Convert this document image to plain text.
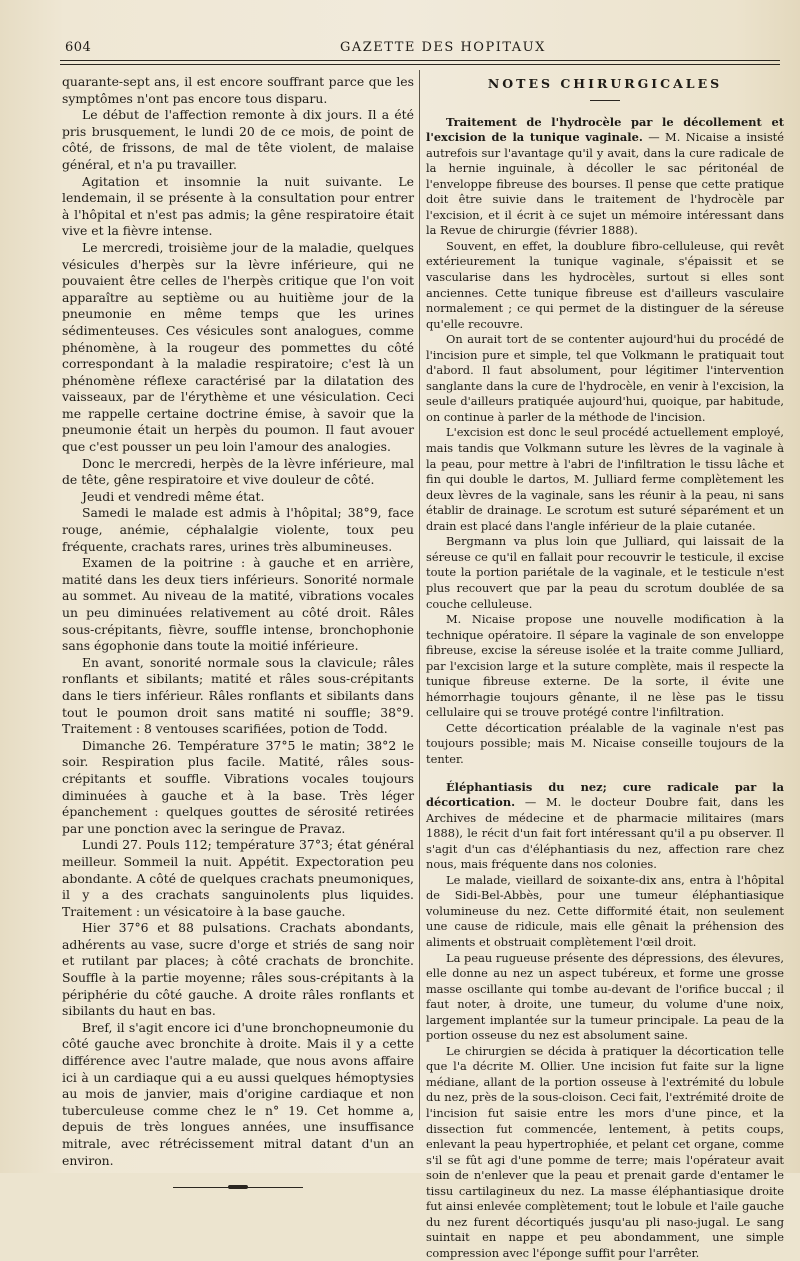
604	GAZETTE DES HOPITAUX

quarante-sept ans, il est encore souffrant parce que les symptômes n'ont pas encore tous disparu.

Le début de l'affection remonte à dix jours. Il a été pris brusquement, le lundi 20 de ce mois, de point de côté, de frissons, de mal de tête violent, de malaise général, et n'a pu travailler.

Agitation et insomnie la nuit suivante. Le lendemain, il se présente à la consultation pour entrer à l'hôpital et n'est pas admis; la gêne respiratoire était vive et la fièvre intense.

Le mercredi, troisième jour de la maladie, quelques vésicules d'herpès sur la lèvre inférieure, qui ne pouvaient être celles de l'herpès critique que l'on voit apparaître au septième ou au huitième jour de la pneumonie en même temps que les urines sédimenteuses. Ces vésicules sont analogues, comme phénomène, à la rougeur des pommettes du côté correspondant à la maladie respiratoire; c'est là un phénomène réflexe caractérisé par la dilatation des vaisseaux, par de l'érythème et une vésiculation. Ceci me rappelle certaine doctrine émise, à savoir que la pneumonie était un herpès du poumon. Il faut avouer que c'est pousser un peu loin l'amour des analogies.

Donc le mercredi, herpès de la lèvre inférieure, mal de tête, gêne respiratoire et vive douleur de côté.

Jeudi et vendredi même état.

Samedi le malade est admis à l'hôpital; 38°9, face rouge, anémie, céphalalgie violente, toux peu fréquente, crachats rares, urines très albumineuses.

Examen de la poitrine : à gauche et en arrière, matité dans les deux tiers inférieurs. Sonorité normale au sommet. Au niveau de la matité, vibrations vocales un peu diminuées relativement au côté droit. Râles sous-crépitants, fièvre, souffle intense, bronchophonie sans égophonie dans toute la moitié inférieure.

En avant, sonorité normale sous la clavicule; râles ronflants et sibilants; matité et râles sous-crépitants dans le tiers inférieur. Râles ronflants et sibilants dans tout le poumon droit sans matité ni souffle; 38°9. Traitement : 8 ventouses scarifiées, potion de Todd.

Dimanche 26. Température 37°5 le matin; 38°2 le soir. Respiration plus facile. Matité, râles sous-crépitants et souffle. Vibrations vocales toujours diminuées à gauche et à la base. Très léger épanchement : quelques gouttes de sérosité retirées par une ponction avec la seringue de Pravaz.

Lundi 27. Pouls 112; température 37°3; état général meilleur. Sommeil la nuit. Appétit. Expectoration peu abondante. A côté de quelques crachats pneumoniques, il y a des crachats sanguinolents plus liquides. Traitement : un vésicatoire à la base gauche.

Hier 37°6 et 88 pulsations. Crachats abondants, adhérents au vase, sucre d'orge et striés de sang noir et rutilant par places; à côté crachats de bronchite. Souffle à la partie moyenne; râles sous-crépitants à la périphérie du côté gauche. A droite râles ronflants et sibilants du haut en bas.

Bref, il s'agit encore ici d'une bronchopneumonie du côté gauche avec bronchite à droite. Mais il y a cette différence avec l'autre malade, que nous avons affaire ici à un cardiaque qui a eu aussi quelques hémoptysies au mois de janvier, mais d'origine cardiaque et non tuberculeuse comme chez le n° 19. Cet homme a, depuis de très longues années, une insuffisance mitrale, avec rétrécissement mitral datant d'un an environ.

NOTES CHIRURGICALES

Traitement de l'hydrocèle par le décollement et l'excision de la tunique vaginale. — M. Nicaise a insisté autrefois sur l'avantage qu'il y avait, dans la cure radicale de la hernie inguinale, à décoller le sac péritonéal de l'enveloppe fibreuse des bourses. Il pense que cette pratique doit être suivie dans le traitement de l'hydrocèle par l'excision, et il écrit à ce sujet un mémoire intéressant dans la Revue de chirurgie (février 1888).

Souvent, en effet, la doublure fibro-celluleuse, qui revêt extérieurement la tunique vaginale, s'épaissit et se vascularise dans les hydrocèles, surtout si elles sont anciennes. Cette tunique fibreuse est d'ailleurs vasculaire normalement ; ce qui permet de la distinguer de la séreuse qu'elle recouvre.

On aurait tort de se contenter aujourd'hui du procédé de l'incision pure et simple, tel que Volkmann le pratiquait tout d'abord. Il faut absolument, pour légitimer l'intervention sanglante dans la cure de l'hydrocèle, en venir à l'excision, la seule d'ailleurs pratiquée aujourd'hui, quoique, par habitude, on continue à parler de la méthode de l'incision.

L'excision est donc le seul procédé actuellement employé, mais tandis que Volkmann suture les lèvres de la vaginale à la peau, pour mettre à l'abri de l'infiltration le tissu lâche et fin qui double le dartos, M. Julliard ferme complètement les deux lèvres de la vaginale, sans les réunir à la peau, ni sans établir de drainage. Le scrotum est suturé séparément et un drain est placé dans l'angle inférieur de la plaie cutanée.

Bergmann va plus loin que Julliard, qui laissait de la séreuse ce qu'il en fallait pour recouvrir le testicule, il excise toute la portion pariétale de la vaginale, et le testicule n'est plus recouvert que par la peau du scrotum doublée de sa couche celluleuse.

M. Nicaise propose une nouvelle modification à la technique opératoire. Il sépare la vaginale de son enveloppe fibreuse, excise la séreuse isolée et la traite comme Julliard, par l'excision large et la suture complète, mais il respecte la tunique fibreuse externe. De la sorte, il évite une hémorrhagie toujours gênante, il ne lèse pas le tissu cellulaire qui se trouve protégé contre l'infiltration.

Cette décortication préalable de la vaginale n'est pas toujours possible; mais M. Nicaise conseille toujours de la tenter.

Éléphantiasis du nez; cure radicale par la décortication. — M. le docteur Doubre fait, dans les Archives de médecine et de pharmacie militaires (mars 1888), le récit d'un fait fort intéressant qu'il a pu observer. Il s'agit d'un cas d'éléphantiasis du nez, affection rare chez nous, mais fréquente dans nos colonies.

Le malade, vieillard de soixante-dix ans, entra à l'hôpital de Sidi-Bel-Abbès, pour une tumeur éléphantiasique volumineuse du nez. Cette difformité était, non seulement une cause de ridicule, mais elle gênait la préhension des aliments et obstruait complètement l'œil droit.

La peau rugueuse présente des dépressions, des élevures, elle donne au nez un aspect tubéreux, et forme une grosse masse oscillante qui tombe au-devant de l'orifice buccal ; il faut noter, à droite, une tumeur, du volume d'une noix, largement implantée sur la tumeur principale. La peau de la portion osseuse du nez est absolument saine.

Le chirurgien se décida à pratiquer la décortication telle que l'a décrite M. Ollier. Une incision fut faite sur la ligne médiane, allant de la portion osseuse à l'extrémité du lobule du nez, près de la sous-cloison. Ceci fait, l'extrémité droite de l'incision fut saisie entre les mors d'une pince, et la dissection fut commencée, lentement, à petits coups, enlevant la peau hypertrophiée, et pelant cet organe, comme s'il se fût agi d'une pomme de terre; mais l'opérateur avait soin de n'enlever que la peau et prenait garde d'entamer le tissu cartilagineux du nez. La masse éléphantiasique droite fut ainsi enlevée complètement; tout le lobule et l'aile gauche du nez furent décortiqués jusqu'au pli naso-jugal. Le sang suintait en nappe et peu abondamment, une simple compression avec l'éponge suffit pour l'arrêter.
